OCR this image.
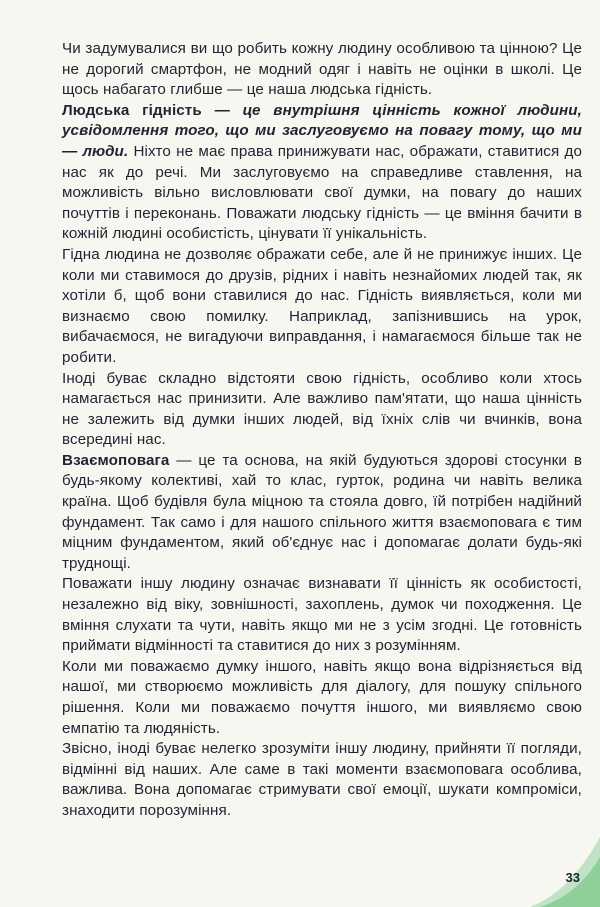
Чи задумувалися ви що робить кожну людину особливою та цінною? Це не дорогий смартфон, не модний одяг і навіть не оцінки в школі. Це щось набагато глибше — це наша людська гідність.

Людська гідність — це внутрішня цінність кожної людини, усвідомлення того, що ми заслуговуємо на повагу тому, що ми — люди. Ніхто не має права принижувати нас, ображати, ставитися до нас як до речі. Ми заслуговуємо на справедливе ставлення, на можливість вільно висловлювати свої думки, на повагу до наших почуттів і переконань. Поважати людську гідність — це вміння бачити в кожній людині особистість, цінувати її унікальність.

Гідна людина не дозволяє ображати себе, але й не принижує інших. Це коли ми ставимося до друзів, рідних і навіть незнайомих людей так, як хотіли б, щоб вони ставилися до нас. Гідність виявляється, коли ми визнаємо свою помилку. Наприклад, запізнившись на урок, вибачаємося, не вигадуючи виправдання, і намагаємося більше так не робити.

Іноді буває складно відстояти свою гідність, особливо коли хтось намагається нас принизити. Але важливо пам'ятати, що наша цінність не залежить від думки інших людей, від їхніх слів чи вчинків, вона всередині нас.

Взаємоповага — це та основа, на якій будуються здорові стосунки в будь-якому колективі, хай то клас, гурток, родина чи навіть велика країна. Щоб будівля була міцною та стояла довго, їй потрібен надійний фундамент. Так само і для нашого спільного життя взаємоповага є тим міцним фундаментом, який об'єднує нас і допомагає долати будь-які труднощі.

Поважати іншу людину означає визнавати її цінність як особистості, незалежно від віку, зовнішності, захоплень, думок чи походження. Це вміння слухати та чути, навіть якщо ми не з усім згодні. Це готовність приймати відмінності та ставитися до них з розумінням.

Коли ми поважаємо думку іншого, навіть якщо вона відрізняється від нашої, ми створюємо можливість для діалогу, для пошуку спільного рішення. Коли ми поважаємо почуття іншого, ми виявляємо свою емпатію та людяність.

Звісно, іноді буває нелегко зрозуміти іншу людину, прийняти її погляди, відмінні від наших. Але саме в такі моменти взаємоповага особлива, важлива. Вона допомагає стримувати свої емоції, шукати компроміси, знаходити порозуміння.

33
